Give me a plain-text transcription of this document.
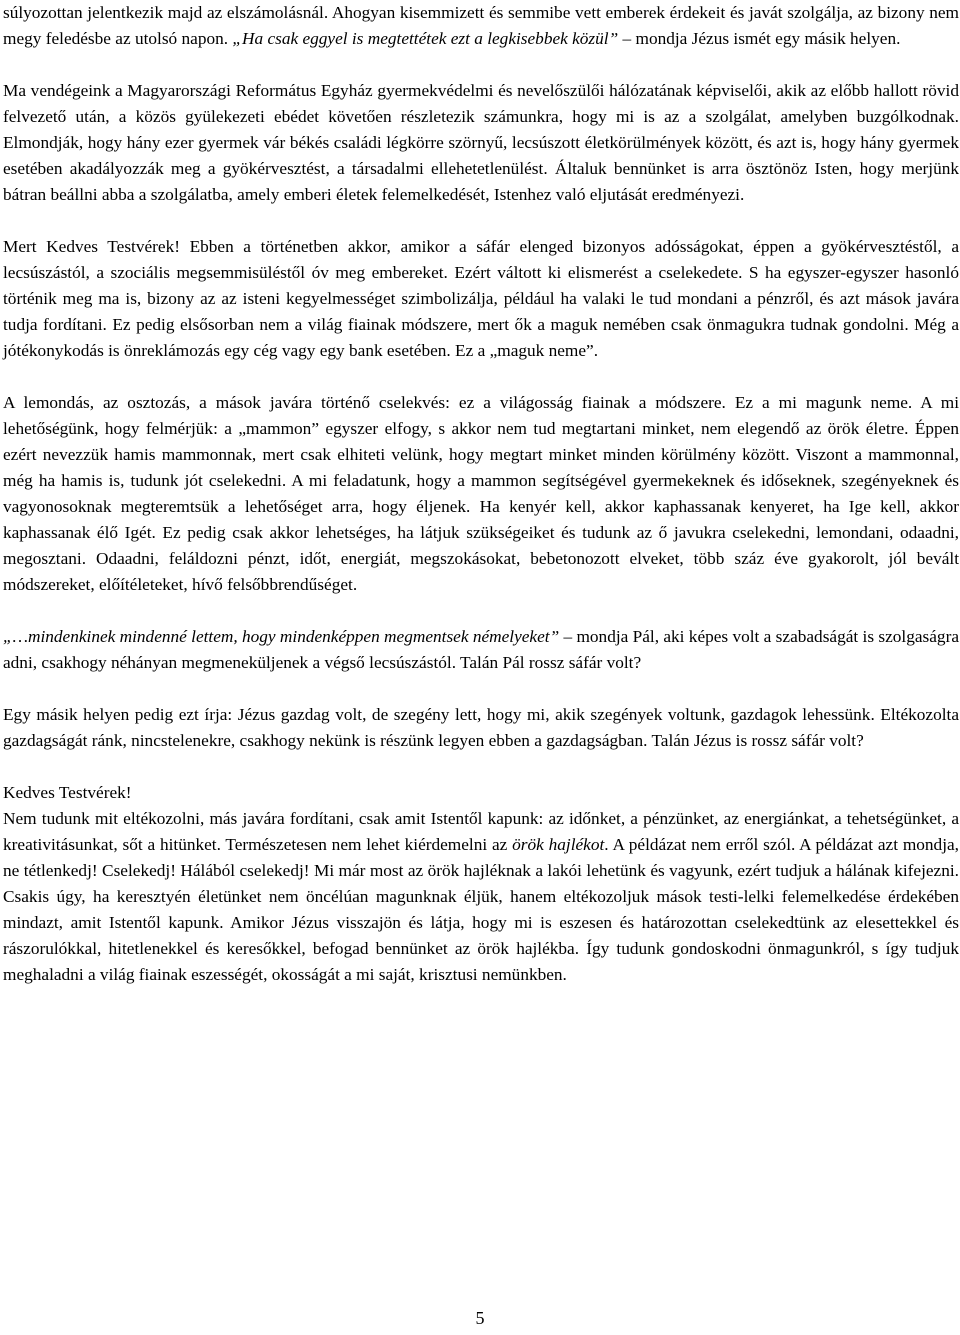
súlyozottan jelentkezik majd az elszámolásnál. Ahogyan kisemmizett és semmibe vett emberek érdekeit és javát szolgálja, az bizony nem megy feledésbe az utolsó napon. „Ha csak eggyel is megtettétek ezt a legkisebbek közül” – mondja Jézus ismét egy másik helyen.

Ma vendégeink a Magyarországi Református Egyház gyermekvédelmi és nevelőszülői hálózatának képviselői, akik az előbb hallott rövid felvezető után, a közös gyülekezeti ebédet követően részletezik számunkra, hogy mi is az a szolgálat, amelyben buzgólkodnak. Elmondják, hogy hány ezer gyermek vár békés családi légkörre szörnyű, lecsúszott életkörülmények között, és azt is, hogy hány gyermek esetében akadályozzák meg a gyökérvesztést, a társadalmi ellehetetlenülést. Általuk bennünket is arra ösztönöz Isten, hogy merjünk bátran beállni abba a szolgálatba, amely emberi életek felemelkedését, Istenhez való eljutását eredményezi.

Mert Kedves Testvérek! Ebben a történetben akkor, amikor a sáfár elenged bizonyos adósságokat, éppen a gyökérvesztéstől, a lecsúszástól, a szociális megsemmisüléstől óv meg embereket. Ezért váltott ki elismerést a cselekedete. S ha egyszer-egyszer hasonló történik meg ma is, bizony az az isteni kegyelmességet szimbolizálja, például ha valaki le tud mondani a pénzről, és azt mások javára tudja fordítani. Ez pedig elsősorban nem a világ fiainak módszere, mert ők a maguk nemében csak önmagukra tudnak gondolni. Még a jótékonykodás is önreklámozás egy cég vagy egy bank esetében. Ez a „maguk neme”.

A lemondás, az osztozás, a mások javára történő cselekvés: ez a világosság fiainak a módszere. Ez a mi magunk neme. A mi lehetőségünk, hogy felmérjük: a „mammon” egyszer elfogy, s akkor nem tud megtartani minket, nem elegendő az örök életre. Éppen ezért nevezzük hamis mammonnak, mert csak elhiteti velünk, hogy megtart minket minden körülmény között. Viszont a mammonnal, még ha hamis is, tudunk jót cselekedni. A mi feladatunk, hogy a mammon segítségével gyermekeknek és időseknek, szegényeknek és vagyonosoknak megteremtsük a lehetőséget arra, hogy éljenek. Ha kenyér kell, akkor kaphassanak kenyeret, ha Ige kell, akkor kaphassanak élő Igét. Ez pedig csak akkor lehetséges, ha látjuk szükségeiket és tudunk az ő javukra cselekedni, lemondani, odaadni, megosztani. Odaadni, feláldozni pénzt, időt, energiát, megszokásokat, bebetonozott elveket, több száz éve gyakorolt, jól bevált módszereket, előítéleteket, hívő felsőbbrendűséget.

„…mindenkinek mindenné lettem, hogy mindenképpen megmentsek némelyeket” – mondja Pál, aki képes volt a szabadságát is szolgaságra adni, csakhogy néhányan megmeneküljenek a végső lecsúszástól. Talán Pál rossz sáfár volt?

Egy másik helyen pedig ezt írja: Jézus gazdag volt, de szegény lett, hogy mi, akik szegények voltunk, gazdagok lehessünk. Eltékozolta gazdagságát ránk, nincstelenekre, csakhogy nekünk is részünk legyen ebben a gazdagságban. Talán Jézus is rossz sáfár volt?

Kedves Testvérek!

Nem tudunk mit eltékozolni, más javára fordítani, csak amit Istentől kapunk: az időnket, a pénzünket, az energiánkat, a tehetségünket, a kreativitásunkat, sőt a hitünket. Természetesen nem lehet kiérdemelni az örök hajlékot. A példázat nem erről szól. A példázat azt mondja, ne tétlenkedj! Cselekedj! Hálából cselekedj! Mi már most az örök hajléknak a lakói lehetünk és vagyunk, ezért tudjuk a hálának kifejezni. Csakis úgy, ha keresztyén életünket nem öncélúan magunknak éljük, hanem eltékozoljuk mások testi-lelki felemelkedése érdekében mindazt, amit Istentől kapunk. Amikor Jézus visszajön és látja, hogy mi is eszesen és határozottan cselekedtünk az elesettekkel és rászorulókkal, hitetlenekkel és keresőkkel, befogad bennünket az örök hajlékba. Így tudunk gondoskodni önmagunkról, s így tudjuk meghaladni a világ fiainak eszességét, okosságát a mi saját, krisztusi nemünkben.

5
